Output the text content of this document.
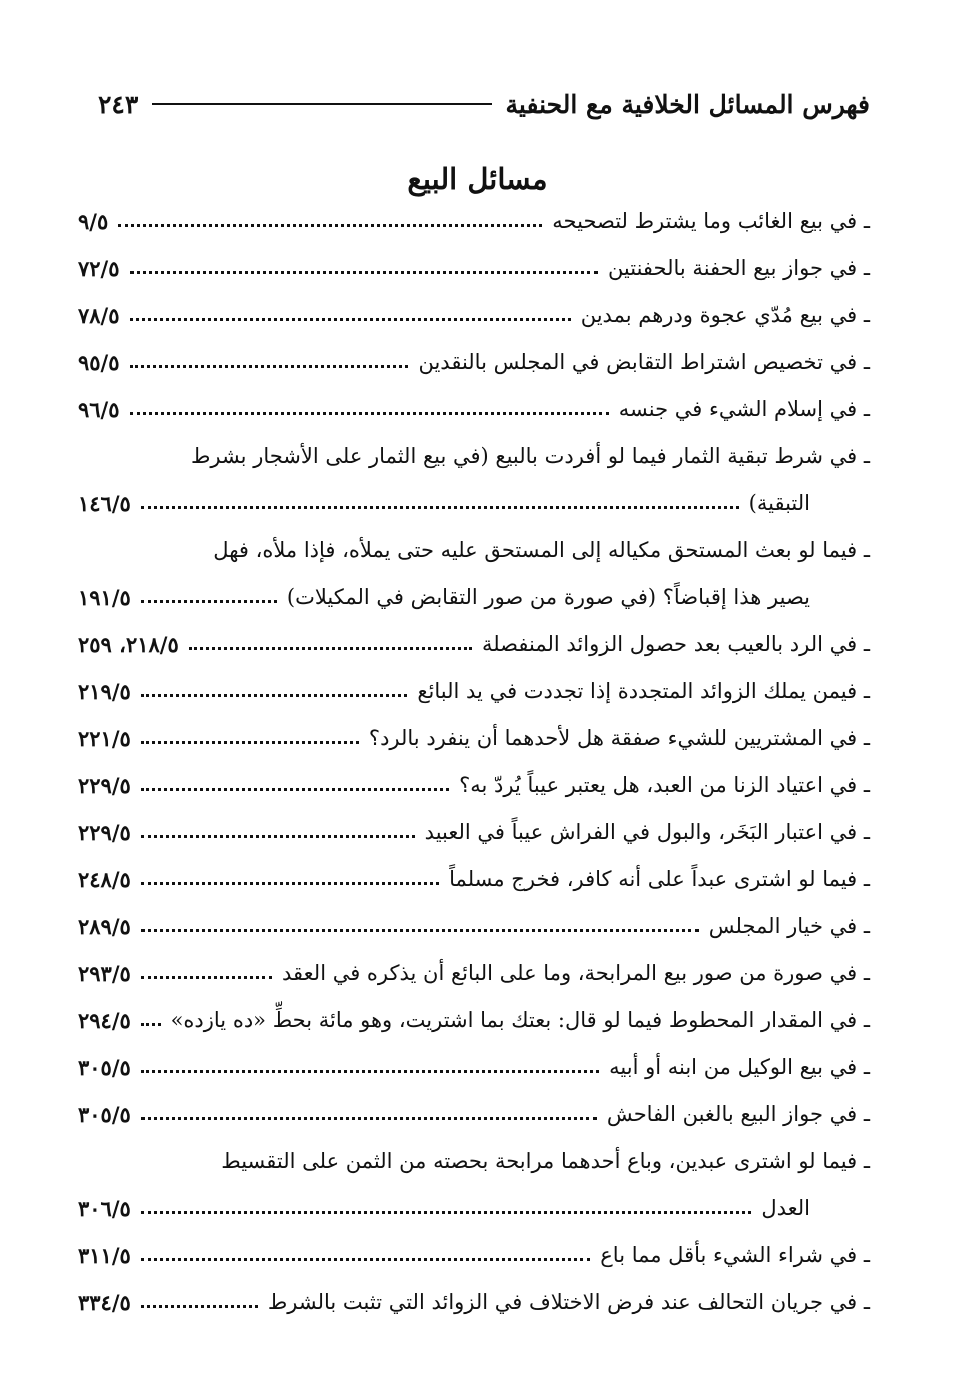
فهرس المسائل الخلافية مع الحنفية
٢٤٣
مسائل البيع
ـ في بيع الغائب وما يشترط لتصحيحه
٩/٥
ـ في جواز بيع الحفنة بالحفنتين
٧٢/٥
ـ في بيع مُدّي عجوة ودرهم بمدين
٧٨/٥
ـ في تخصيص اشتراط التقابض في المجلس بالنقدين
٩٥/٥
ـ في إسلام الشيء في جنسه
٩٦/٥
ـ في شرط تبقية الثمار فيما لو أفردت بالبيع (في بيع الثمار على الأشجار بشرط
التبقية)
١٤٦/٥
ـ فيما لو بعث المستحق مكياله إلى المستحق عليه حتى يملأه، فإذا ملأه، فهل
يصير هذا إقباضاً؟ (في صورة من صور التقابض في المكيلات)
١٩١/٥
ـ في الرد بالعيب بعد حصول الزوائد المنفصلة
٢١٨/٥، ٢٥٩
ـ فيمن يملك الزوائد المتجددة إذا تجددت في يد البائع
٢١٩/٥
ـ في المشتريين للشيء صفقة هل لأحدهما أن ينفرد بالرد؟
٢٢١/٥
ـ في اعتياد الزنا من العبد، هل يعتبر عيباً يُردّ به؟
٢٢٩/٥
ـ في اعتبار البَخَر، والبول في الفراش عيباً في العبيد
٢٢٩/٥
ـ فيما لو اشترى عبداً على أنه كافر، فخرج مسلماً
٢٤٨/٥
ـ في خيار المجلس
٢٨٩/٥
ـ في صورة من صور بيع المرابحة، وما على البائع أن يذكره في العقد
٢٩٣/٥
ـ في المقدار المحطوط فيما لو قال: بعتك بما اشتريت، وهو مائة بحطِّ «ده يازده»
٢٩٤/٥
ـ في بيع الوكيل من ابنه أو أبيه
٣٠٥/٥
ـ في جواز البيع بالغبن الفاحش
٣٠٥/٥
ـ فيما لو اشترى عبدين، وباع أحدهما مرابحة بحصته من الثمن على التقسيط
العدل
٣٠٦/٥
ـ في شراء الشيء بأقل مما باع
٣١١/٥
ـ في جريان التحالف عند فرض الاختلاف في الزوائد التي تثبت بالشرط
٣٣٤/٥
